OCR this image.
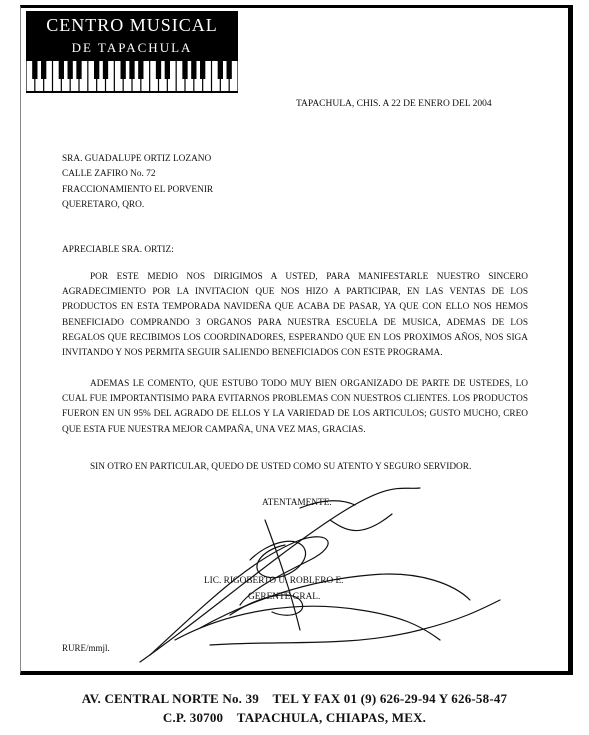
CENTRO MUSICAL
DE TAPACHULA
TAPACHULA, CHIS. A 22 DE ENERO DEL 2004
SRA. GUADALUPE ORTIZ LOZANO
CALLE ZAFIRO No. 72
FRACCIONAMIENTO EL PORVENIR
QUERETARO, QRO.
APRECIABLE SRA. ORTIZ:
POR ESTE MEDIO NOS DIRIGIMOS A USTED, PARA MANIFESTARLE NUESTRO SINCERO AGRADECIMIENTO POR LA INVITACION QUE NOS HIZO A PARTICIPAR, EN LAS VENTAS DE LOS PRODUCTOS EN ESTA TEMPORADA NAVIDEÑA QUE ACABA DE PASAR, YA QUE CON ELLO NOS HEMOS BENEFICIADO COMPRANDO 3 ORGANOS PARA NUESTRA ESCUELA DE MUSICA, ADEMAS DE LOS REGALOS QUE RECIBIMOS LOS COORDINADORES, ESPERANDO QUE EN LOS PROXIMOS AÑOS, NOS SIGA INVITANDO Y NOS PERMITA SEGUIR SALIENDO BENEFICIADOS CON ESTE PROGRAMA.
ADEMAS LE COMENTO, QUE ESTUBO TODO MUY BIEN ORGANIZADO DE PARTE DE USTEDES, LO CUAL FUE IMPORTANTISIMO PARA EVITARNOS PROBLEMAS CON NUESTROS CLIENTES. LOS PRODUCTOS FUERON EN UN 95% DEL AGRADO DE ELLOS Y LA VARIEDAD DE LOS ARTICULOS; GUSTO MUCHO, CREO QUE ESTA FUE NUESTRA MEJOR CAMPAÑA, UNA VEZ MAS, GRACIAS.
SIN OTRO EN PARTICULAR, QUEDO DE USTED COMO SU ATENTO Y SEGURO SERVIDOR.
ATENTAMENTE.
LIC. RIGOBERTO U. ROBLERO E.
GERENTE GRAL.
RURE/mmjl.
AV. CENTRAL NORTE No. 39    TEL Y FAX 01 (9) 626-29-94 Y 626-58-47
C.P. 30700    TAPACHULA, CHIAPAS, MEX.
